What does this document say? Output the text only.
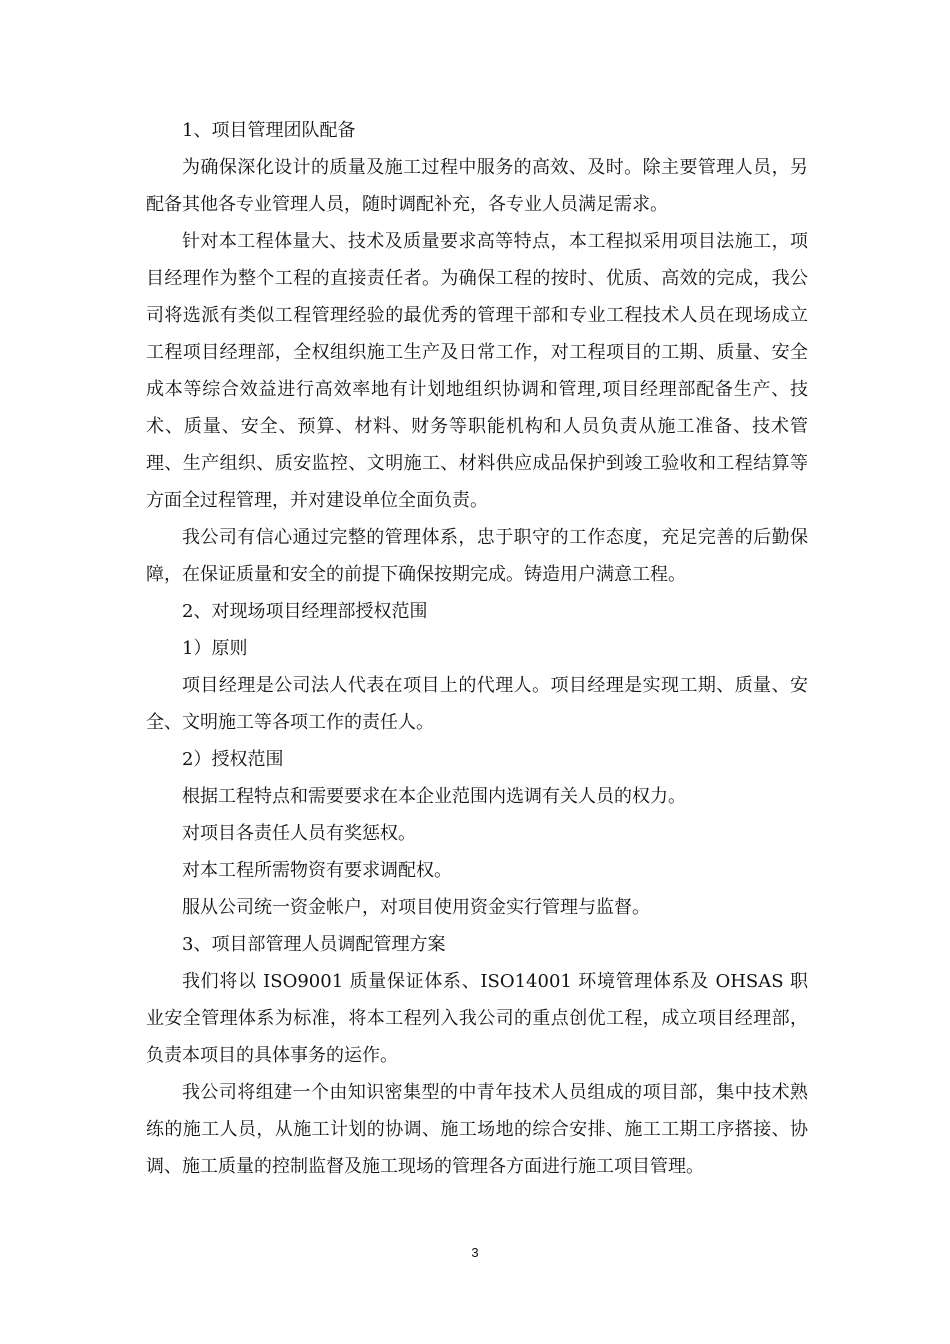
1、项目管理团队配备

为确保深化设计的质量及施工过程中服务的高效、及时。除主要管理人员，另配备其他各专业管理人员，随时调配补充，各专业人员满足需求。

针对本工程体量大、技术及质量要求高等特点，本工程拟采用项目法施工，项目经理作为整个工程的直接责任者。为确保工程的按时、优质、高效的完成，我公司将选派有类似工程管理经验的最优秀的管理干部和专业工程技术人员在现场成立工程项目经理部，全权组织施工生产及日常工作，对工程项目的工期、质量、安全成本等综合效益进行高效率地有计划地组织协调和管理,项目经理部配备生产、技术、质量、安全、预算、材料、财务等职能机构和人员负责从施工准备、技术管理、生产组织、质安监控、文明施工、材料供应成品保护到竣工验收和工程结算等方面全过程管理，并对建设单位全面负责。

我公司有信心通过完整的管理体系，忠于职守的工作态度，充足完善的后勤保障，在保证质量和安全的前提下确保按期完成。铸造用户满意工程。

2、对现场项目经理部授权范围

1）原则

项目经理是公司法人代表在项目上的代理人。项目经理是实现工期、质量、安全、文明施工等各项工作的责任人。

2）授权范围

根据工程特点和需要要求在本企业范围内选调有关人员的权力。

对项目各责任人员有奖惩权。

对本工程所需物资有要求调配权。

服从公司统一资金帐户，对项目使用资金实行管理与监督。

3、项目部管理人员调配管理方案

我们将以 ISO9001 质量保证体系、ISO14001 环境管理体系及 OHSAS 职业安全管理体系为标准，将本工程列入我公司的重点创优工程，成立项目经理部，负责本项目的具体事务的运作。

我公司将组建一个由知识密集型的中青年技术人员组成的项目部，集中技术熟练的施工人员，从施工计划的协调、施工场地的综合安排、施工工期工序搭接、协调、施工质量的控制监督及施工现场的管理各方面进行施工项目管理。

3
